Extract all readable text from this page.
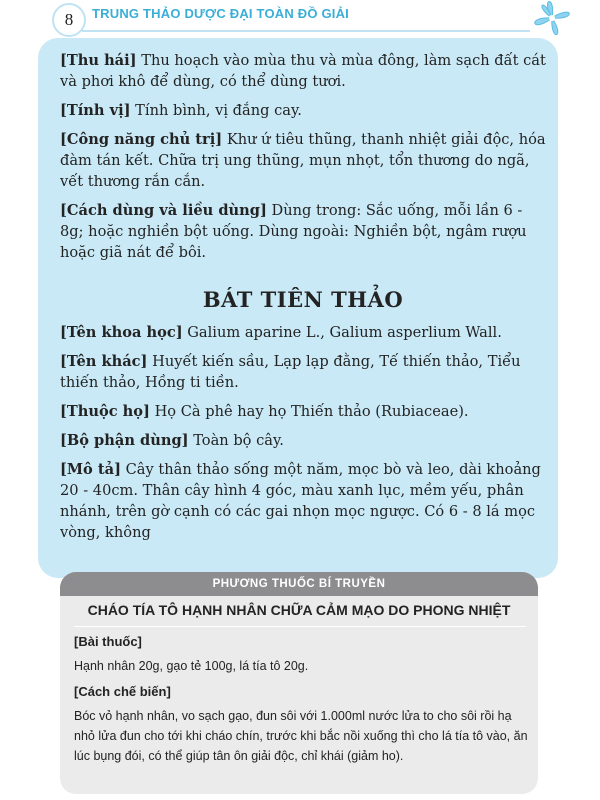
8	TRUNG THẢO DƯỢC ĐẠI TOÀN ĐỒ GIẢI

[Thu hái] Thu hoạch vào mùa thu và mùa đông, làm sạch đất cát và phơi khô để dùng, có thể dùng tươi.

[Tính vị] Tính bình, vị đắng cay.

[Công năng chủ trị] Khư ứ tiêu thũng, thanh nhiệt giải độc, hóa đàm tán kết. Chữa trị ung thũng, mụn nhọt, tổn thương do ngã, vết thương rắn cắn.

[Cách dùng và liều dùng] Dùng trong: Sắc uống, mỗi lần 6 - 8g; hoặc nghiền bột uống. Dùng ngoài: Nghiền bột, ngâm rượu hoặc giã nát để bôi.

BÁT TIÊN THẢO

[Tên khoa học] Galium aparine L., Galium asperlium Wall.

[Tên khác] Huyết kiến sầu, Lạp lạp đằng, Tế thiến thảo, Tiểu thiến thảo, Hồng ti tiền.

[Thuộc họ] Họ Cà phê hay họ Thiến thảo (Rubiaceae).

[Bộ phận dùng] Toàn bộ cây.

[Mô tả] Cây thân thảo sống một năm, mọc bò và leo, dài khoảng 20 - 40cm. Thân cây hình 4 góc, màu xanh lục, mềm yếu, phân nhánh, trên gờ cạnh có các gai nhọn mọc ngược. Có 6 - 8 lá mọc vòng, không

PHƯƠNG THUỐC BÍ TRUYỀN
CHÁO TÍA TÔ HẠNH NHÂN CHỮA CẢM MẠO DO PHONG NHIỆT

[Bài thuốc]

Hạnh nhân 20g, gạo tẻ 100g, lá tía tô 20g.

[Cách chế biến]

Bóc vỏ hạnh nhân, vo sạch gạo, đun sôi với 1.000ml nước lửa to cho sôi rồi hạ nhỏ lửa đun cho tới khi cháo chín, trước khi bắc nồi xuống thì cho lá tía tô vào, ăn lúc bụng đói, có thể giúp tân ôn giải độc, chỉ khái (giảm ho).
